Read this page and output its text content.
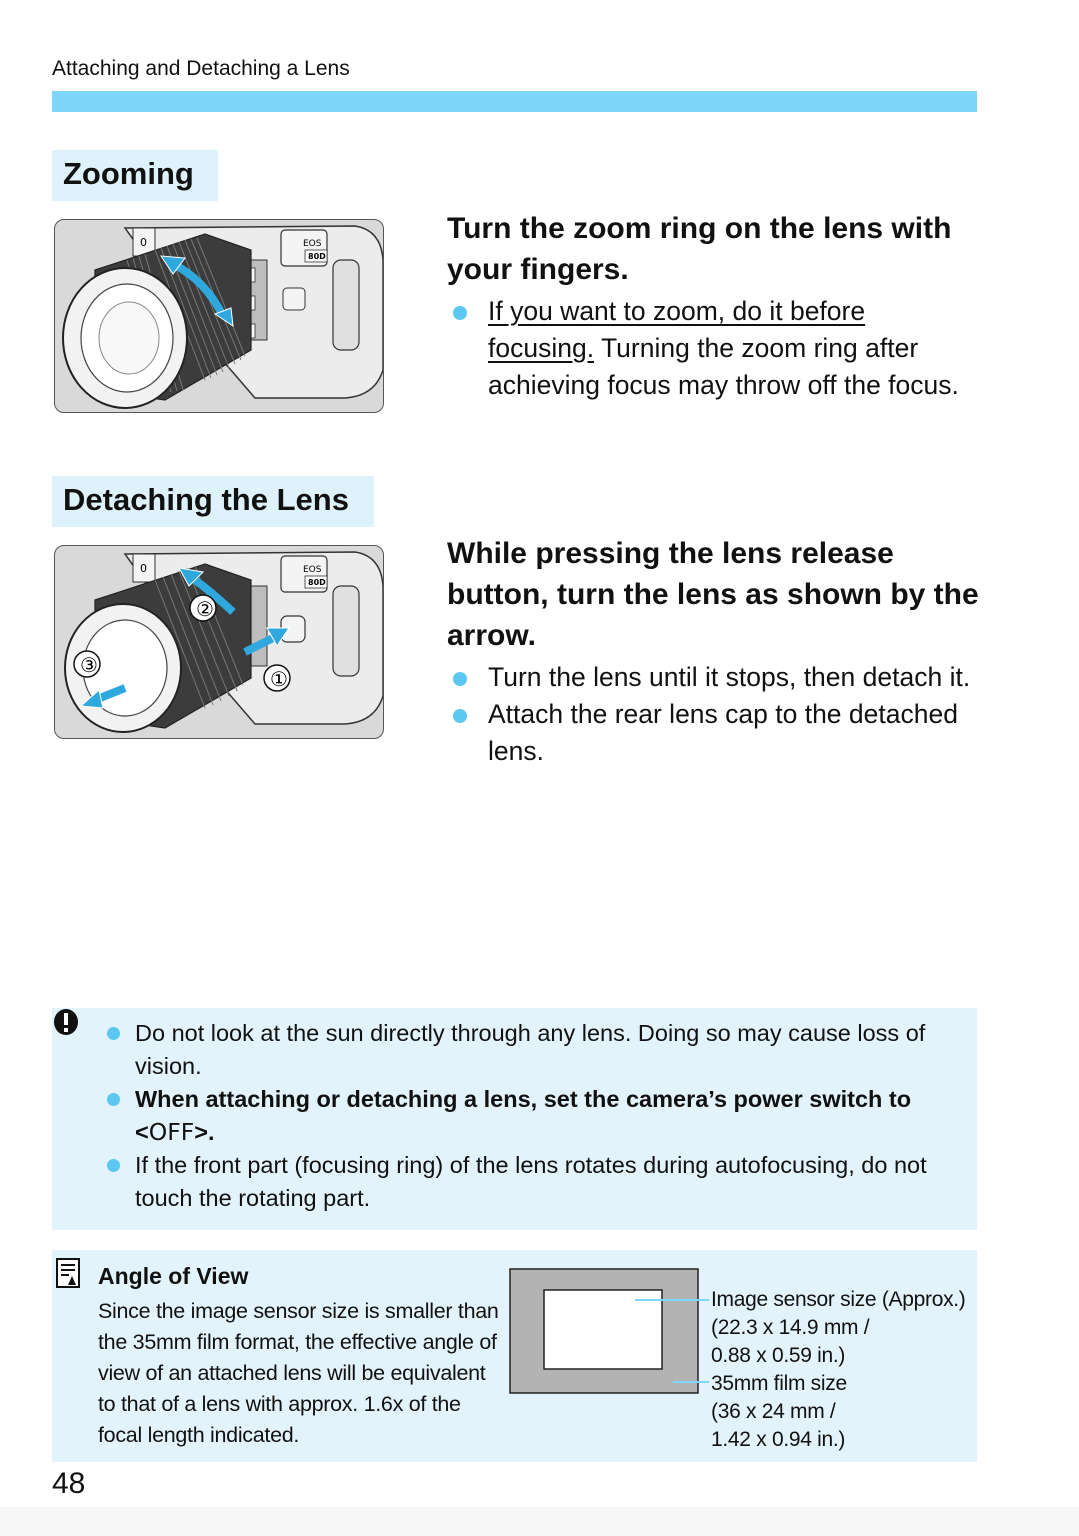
Attaching and Detaching a Lens
Zooming
EOS
80D
0	Turn the zoom ring on the lens with your fingers.
If you want to zoom, do it before focusing. Turning the zoom ring after achieving focus may throw off the focus.
Detaching the Lens
EOS
80D
0
①
②
③
While pressing the lens release button, turn the lens as shown by the arrow.
Turn the lens until it stops, then detach it.
Attach the rear lens cap to the detached lens.
Do not look at the sun directly through any lens. Doing so may cause loss of vision.
When attaching or detaching a lens, set the camera’s power switch to <OFF>.
If the front part (focusing ring) of the lens rotates during autofocusing, do not touch the rotating part.
Angle of View
Since the image sensor size is smaller than the 35mm film format, the effective angle of view of an attached lens will be equivalent to that of a lens with approx. 1.6x of the focal length indicated.
Image sensor size (Approx.)
(22.3 x 14.9 mm /
0.88 x 0.59 in.)
35mm film size
(36 x 24 mm /
1.42 x 0.94 in.)
48
